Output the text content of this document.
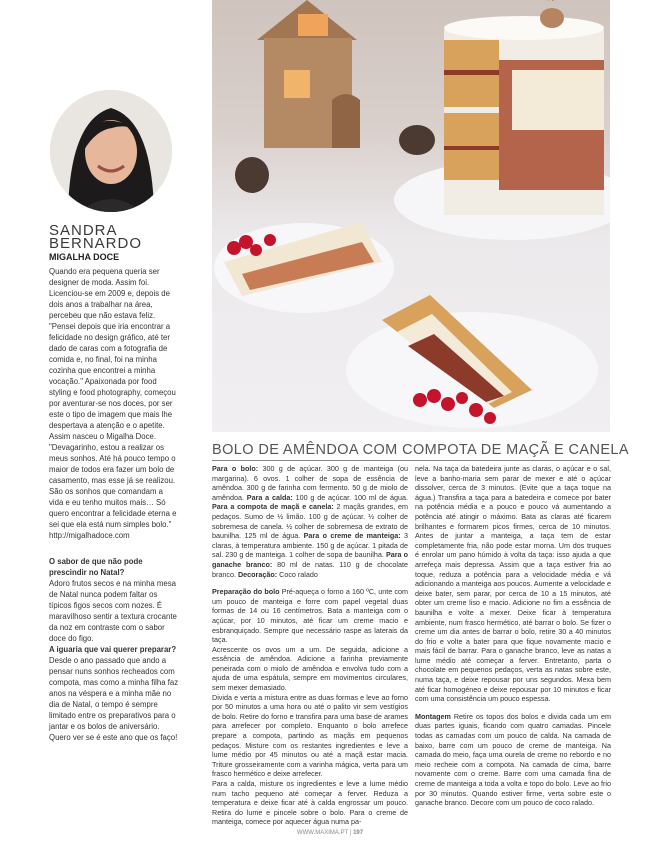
SANDRA
BERNARDO
MIGALHA DOCE

Quando era pequena queria ser designer de moda. Assim foi. Licenciou-se em 2009 e, depois de dois anos a trabalhar na área, percebeu que não estava feliz. "Pensei depois que iria encontrar a felicidade no design gráfico, até ter dado de caras com a fotografia de comida e, no final, foi na minha cozinha que encontrei a minha vocação." Apaixonada por food styling e food photography, começou por aventurar-se nos doces, por ser este o tipo de imagem que mais lhe despertava a atenção e o apetite. Assim nasceu o Migalha Doce. "Devagarinho, estou a realizar os meus sonhos. Até há pouco tempo o maior de todos era fazer um bolo de casamento, mas esse já se realizou. São os sonhos que comandam a vida e eu tenho muitos mais… Só quero encontrar a felicidade eterna e sei que ela está num simples bolo." http://migalhadoce.com

O sabor de que não pode prescindir no Natal?

Adoro frutos secos e na minha mesa de Natal nunca podem faltar os típicos figos secos com nozes. É maravilhoso sentir a textura crocante da noz em contraste com o sabor doce do figo.

A iguaria que vai querer preparar?

Desde o ano passado que ando a pensar nuns sonhos recheados com compota, mas como a minha filha faz anos na véspera e a minha mãe no dia de Natal, o tempo é sempre limitado entre os preparativos para o jantar e os bolos de aniversário. Quero ver se é este ano que os faço!

BOLO DE AMÊNDOA COM COMPOTA DE MAÇÃ E CANELA

Para o bolo: 300 g de açúcar. 300 g de manteiga (ou margarina). 6 ovos. 1 colher de sopa de essência de amêndoa. 300 g de farinha com fermento. 50 g de miolo de amêndoa. Para a calda: 100 g de açúcar. 100 ml de água. Para a compota de maçã e canela: 2 maçãs grandes, em pedaços. Sumo de ½ limão. 100 g de açúcar. ½ colher de sobremesa de canela. ½ colher de sobremesa de extrato de baunilha. 125 ml de água. Para o creme de manteiga: 3 claras, à temperatura ambiente. 150 g de açúcar. 1 pitada de sal. 230 g de manteiga. 1 colher de sopa de baunilha. Para o ganache branco: 80 ml de natas. 110 g de chocolate branco. Decoração: Coco ralado

Preparação do bolo Pré-aqueça o forno a 160 ºC, unte com um pouco de manteiga e forre com papel vegetal duas formas de 14 ou 16 centímetros. Bata a manteiga com o açúcar, por 10 minutos, até ficar um creme macio e esbranquiçado. Sempre que necessário raspe as laterais da taça.

Acrescente os ovos um a um. De seguida, adicione a essência de amêndoa. Adicione a farinha previamente peneirada com o miolo de amêndoa e envolva tudo com a ajuda de uma espátula, sempre em movimentos circulares, sem mexer demasiado.

Divida e verta a mistura entre as duas formas e leve ao forno por 50 minutos a uma hora ou até o palito vir sem vestígios de bolo. Retire do forno e transfira para uma base de arames para arrefecer por completo. Enquanto o bolo arrefece prepare a compota, partindo as maçãs em pequenos pedaços. Misture com os restantes ingredientes e leve a lume médio por 45 minutos ou até a maçã estar macia. Triture grosseiramente com a varinha mágica, verta para um frasco hermético e deixe arrefecer.

Para a calda, misture os ingredientes e leve a lume médio num tacho pequeno até começar a ferver. Reduza a temperatura e deixe ficar até à calda engrossar um pouco. Retira do lume e pincele sobre o bolo. Para o creme de manteiga, comece por aquecer água numa pa-

nela. Na taça da batedeira junte as claras, o açúcar e o sal, leve a banho-maria sem parar de mexer e até o açúcar dissolver, cerca de 3 minutos. (Evite que a taça toque na água.) Transfira a taça para a batedeira e comece por bater na potência média e a pouco e pouco vá aumentando a potência até atingir o máximo. Bata as claras até ficarem brilhantes e formarem picos firmes, cerca de 10 minutos. Antes de juntar a manteiga, a taça tem de estar completamente fria, não pode estar morna. Um dos truques é enrolar um pano húmido à volta da taça: isso ajuda a que arrefeça mais depressa. Assim que a taça estiver fria ao toque, reduza a potência para a velocidade média e vá adicionando a manteiga aos poucos. Aumente a velocidade e deixe bater, sem parar, por cerca de 10 a 15 minutos, até obter um creme liso e macio. Adicione no fim a essência de baunilha e volte a mexer. Deixe ficar à temperatura ambiente, num frasco hermético, até barrar o bolo. Se fizer o creme um dia antes de barrar o bolo, retire 30 a 40 minutos do frio e volte a bater para que fique novamente macio e mais fácil de barrar. Para o ganache branco, leve as natas a lume médio até começar a ferver. Entretanto, parta o chocolate em pequenos pedaços, verta as natas sobre este, numa taça, e deixe repousar por uns segundos. Mexa bem até ficar homogéneo e deixe repousar por 10 minutos e ficar com uma consistência um pouco espessa.

Montagem Retire os topos dos bolos e divida cada um em duas partes iguais, ficando com quatro camadas. Pincele todas as camadas com um pouco de calda. Na camada de baixo, barre com um pouco de creme de manteiga. Na camada do meio, faça uma ourela de creme no rebordo e no meio recheie com a compota. Na camada de cima, barre novamente com o creme. Barre com uma camada fina de creme de manteiga a toda a volta e topo do bolo. Leve ao frio por 30 minutos. Quando estiver firme, verta sobre este o ganache branco. Decore com um pouco de coco ralado.

WWW.MAXIMA.PT | 197
